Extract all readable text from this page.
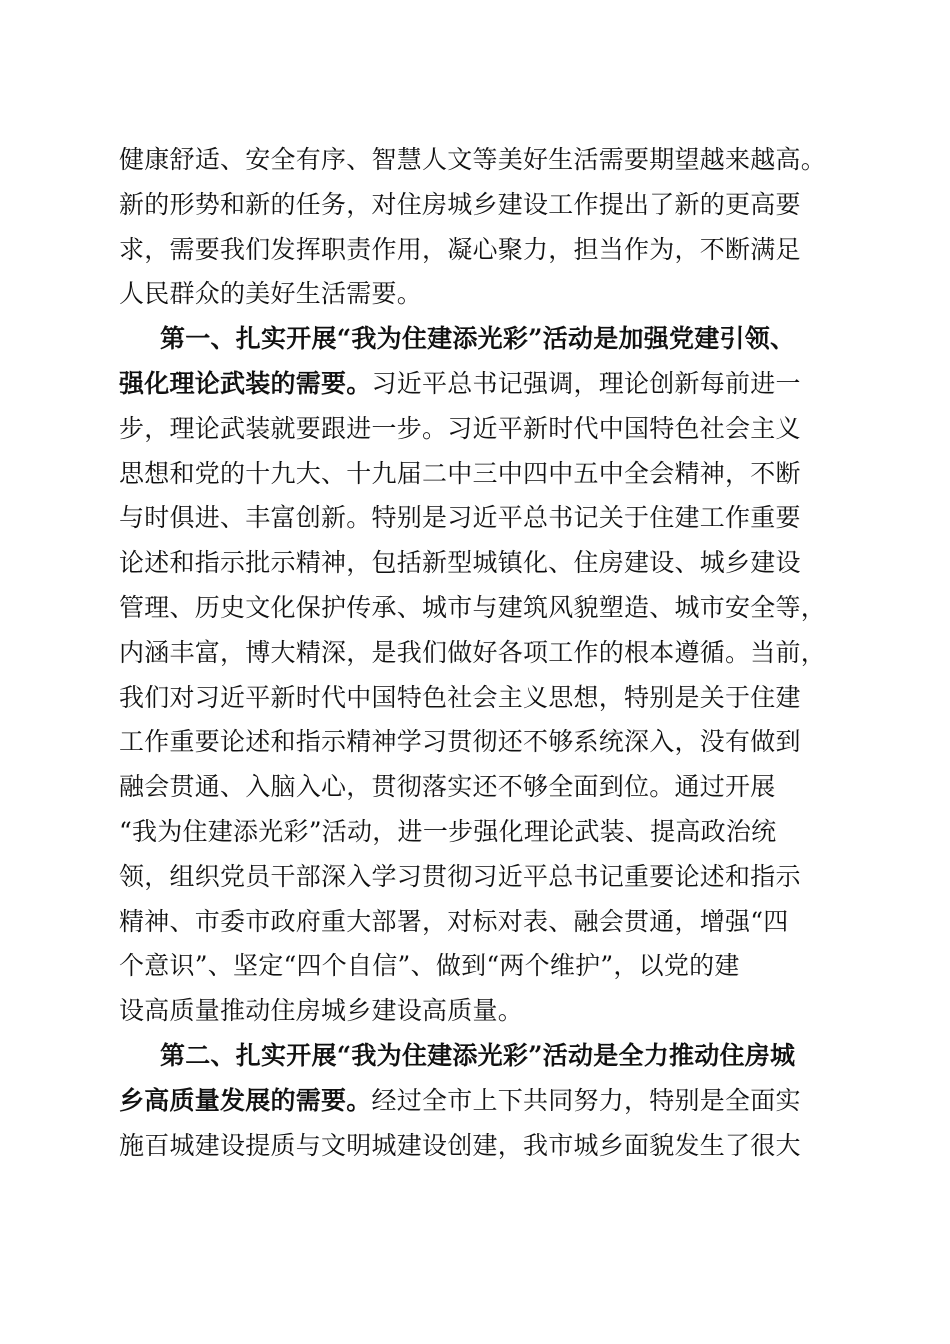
健康舒适、安全有序、智慧人文等美好生活需要期望越来越高。
新的形势和新的任务，对住房城乡建设工作提出了新的更高要
求，需要我们发挥职责作用，凝心聚力，担当作为，不断满足
人民群众的美好生活需要。
第一、扎实开展“我为住建添光彩”活动是加强党建引领、
强化理论武装的需要。习近平总书记强调，理论创新每前进一
步，理论武装就要跟进一步。习近平新时代中国特色社会主义
思想和党的十九大、十九届二中三中四中五中全会精神，不断
与时俱进、丰富创新。特别是习近平总书记关于住建工作重要
论述和指示批示精神，包括新型城镇化、住房建设、城乡建设
管理、历史文化保护传承、城市与建筑风貌塑造、城市安全等，
内涵丰富，博大精深，是我们做好各项工作的根本遵循。当前，
我们对习近平新时代中国特色社会主义思想，特别是关于住建
工作重要论述和指示精神学习贯彻还不够系统深入，没有做到
融会贯通、入脑入心，贯彻落实还不够全面到位。通过开展
“我为住建添光彩”活动，进一步强化理论武装、提高政治统
领，组织党员干部深入学习贯彻习近平总书记重要论述和指示
精神、市委市政府重大部署，对标对表、融会贯通，增强“四
个意识”、坚定“四个自信”、做到“两个维护”，以党的建
设高质量推动住房城乡建设高质量。
第二、扎实开展“我为住建添光彩”活动是全力推动住房城
乡高质量发展的需要。经过全市上下共同努力，特别是全面实
施百城建设提质与文明城建设创建，我市城乡面貌发生了很大
